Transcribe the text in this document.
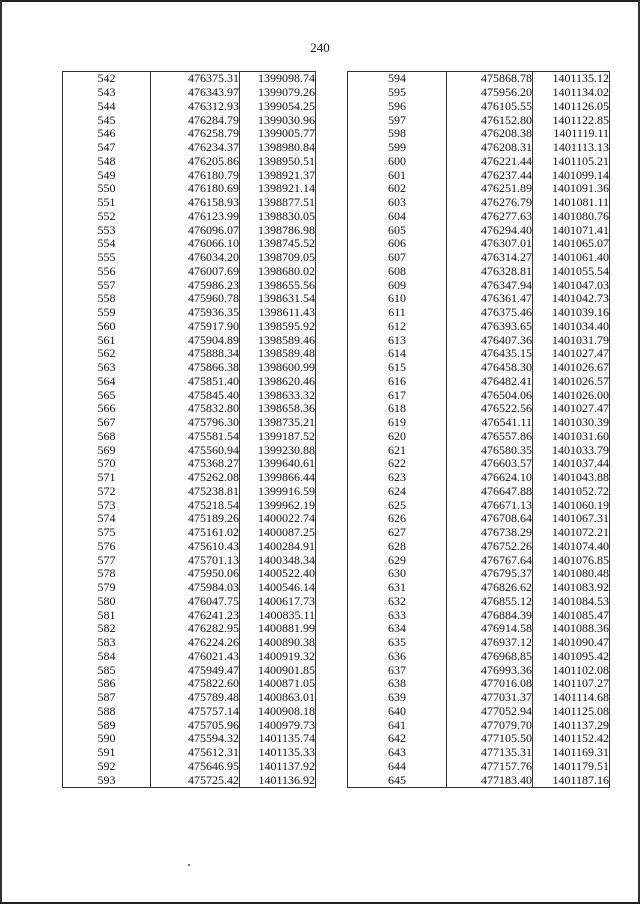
240
542	476375.31	1399098.74
543	476343.97	1399079.26
544	476312.93	1399054.25
545	476284.79	1399030.96
546	476258.79	1399005.77
547	476234.37	1398980.84
548	476205.86	1398950.51
549	476180.79	1398921.37
550	476180.69	1398921.14
551	476158.93	1398877.51
552	476123.99	1398830.05
553	476096.07	1398786.98
554	476066.10	1398745.52
555	476034.20	1398709.05
556	476007.69	1398680.02
557	475986.23	1398655.56
558	475960.78	1398631.54
559	475936.35	1398611.43
560	475917.90	1398595.92
561	475904.89	1398589.46
562	475888.34	1398589.48
563	475866.38	1398600.99
564	475851.40	1398620.46
565	475845.40	1398633.32
566	475832.80	1398658.36
567	475796.30	1398735.21
568	475581.54	1399187.52
569	475560.94	1399230.88
570	475368.27	1399640.61
571	475262.08	1399866.44
572	475238.81	1399916.59
573	475218.54	1399962.19
574	475189.26	1400022.74
575	475161.02	1400087.25
576	475610.43	1400284.91
577	475701.13	1400348.34
578	475950.06	1400522.40
579	475984.03	1400546.14
580	476047.75	1400617.73
581	476241.23	1400835.11
582	476282.95	1400881.99
583	476224.26	1400890.38
584	476021.43	1400919.32
585	475949.47	1400901.85
586	475822.60	1400871.05
587	475789.48	1400863.01
588	475757.14	1400908.18
589	475705.96	1400979.73
590	475594.32	1401135.74
591	475612.31	1401135.33
592	475646.95	1401137.92
593	475725.42	1401136.92
594	475868.78	1401135.12
595	475956.20	1401134.02
596	476105.55	1401126.05
597	476152.80	1401122.85
598	476208.38	1401119.11
599	476208.31	1401113.13
600	476221.44	1401105.21
601	476237.44	1401099.14
602	476251.89	1401091.36
603	476276.79	1401081.11
604	476277.63	1401080.76
605	476294.40	1401071.41
606	476307.01	1401065.07
607	476314.27	1401061.40
608	476328.81	1401055.54
609	476347.94	1401047.03
610	476361.47	1401042.73
611	476375.46	1401039.16
612	476393.65	1401034.40
613	476407.36	1401031.79
614	476435.15	1401027.47
615	476458.30	1401026.67
616	476482.41	1401026.57
617	476504.06	1401026.00
618	476522.56	1401027.47
619	476541.11	1401030.39
620	476557.86	1401031.60
621	476580.35	1401033.79
622	476603.57	1401037.44
623	476624.10	1401043.88
624	476647.88	1401052.72
625	476671.13	1401060.19
626	476708.64	1401067.31
627	476738.29	1401072.21
628	476752.26	1401074.40
629	476767.64	1401076.85
630	476795.37	1401080.48
631	476826.62	1401083.92
632	476855.12	1401084.53
633	476884.39	1401085.47
634	476914.58	1401088.36
635	476937.12	1401090.47
636	476968.85	1401095.42
637	476993.36	1401102.08
638	477016.08	1401107.27
639	477031.37	1401114.68
640	477052.94	1401125.08
641	477079.70	1401137.29
642	477105.50	1401152.42
643	477135.31	1401169.31
644	477157.76	1401179.51
645	477183.40	1401187.16
